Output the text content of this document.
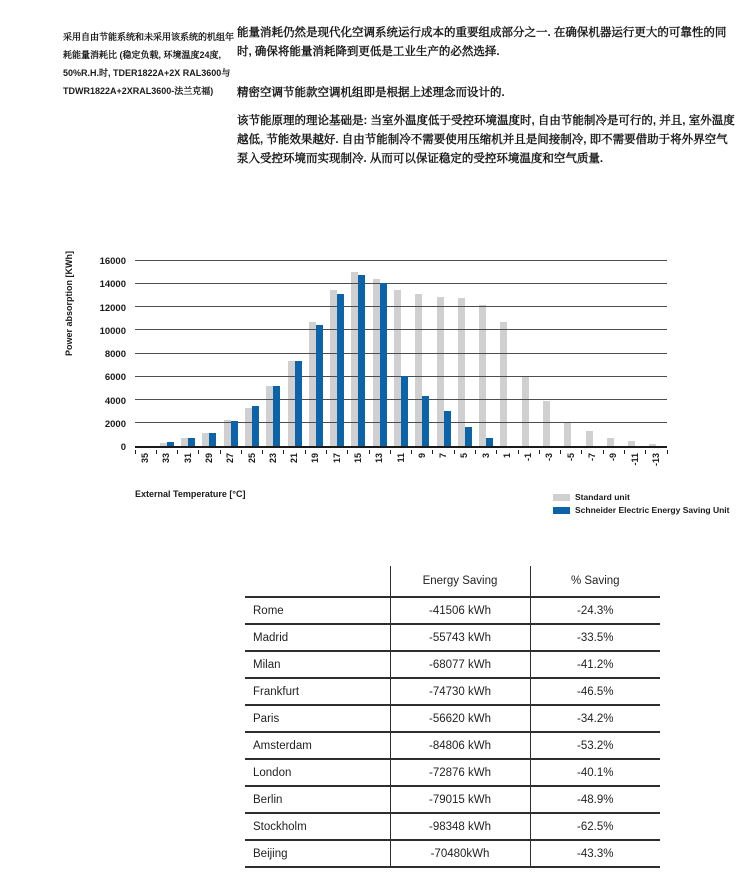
采用自由节能系统和未采用该系统的机组年耗能量消耗比 (稳定负载, 环境温度24度, 50%R.H.时, TDER1822A+2X RAL3600与TDWR1822A+2XRAL3600-法兰克福)

能量消耗仍然是现代化空调系统运行成本的重要组成部分之一. 在确保机器运行更大的可靠性的同时, 确保将能量消耗降到更低是工业生产的必然选择.

精密空调节能款空调机组即是根据上述理念而设计的.

该节能原理的理论基础是: 当室外温度低于受控环境温度时, 自由节能制冷是可行的, 并且, 室外温度越低, 节能效果越好. 自由节能制冷不需要使用压缩机并且是间接制冷, 即不需要借助于将外界空气泵入受控环境而实现制冷. 从而可以保证稳定的受控环境温度和空气质量.

Power absorption [KWh]
0
2000
4000
6000
8000
10000
12000
14000
16000
35 33 31 29 27 25 23 21 19 17 15 13 11 9 7 5 3 1 -1 -3 -5 -7 -9 -11 -13
External Temperature [°C]	Standard unit
Schneider Electric Energy Saving Unit
	Energy Saving	% Saving
Rome	-41506 kWh	-24.3%
Madrid	-55743 kWh	-33.5%
Milan	-68077 kWh	-41.2%
Frankfurt	-74730 kWh	-46.5%
Paris	-56620 kWh	-34.2%
Amsterdam	-84806 kWh	-53.2%
London	-72876 kWh	-40.1%
Berlin	-79015 kWh	-48.9%
Stockholm	-98348 kWh	-62.5%
Beijing	-70480kWh	-43.3%
